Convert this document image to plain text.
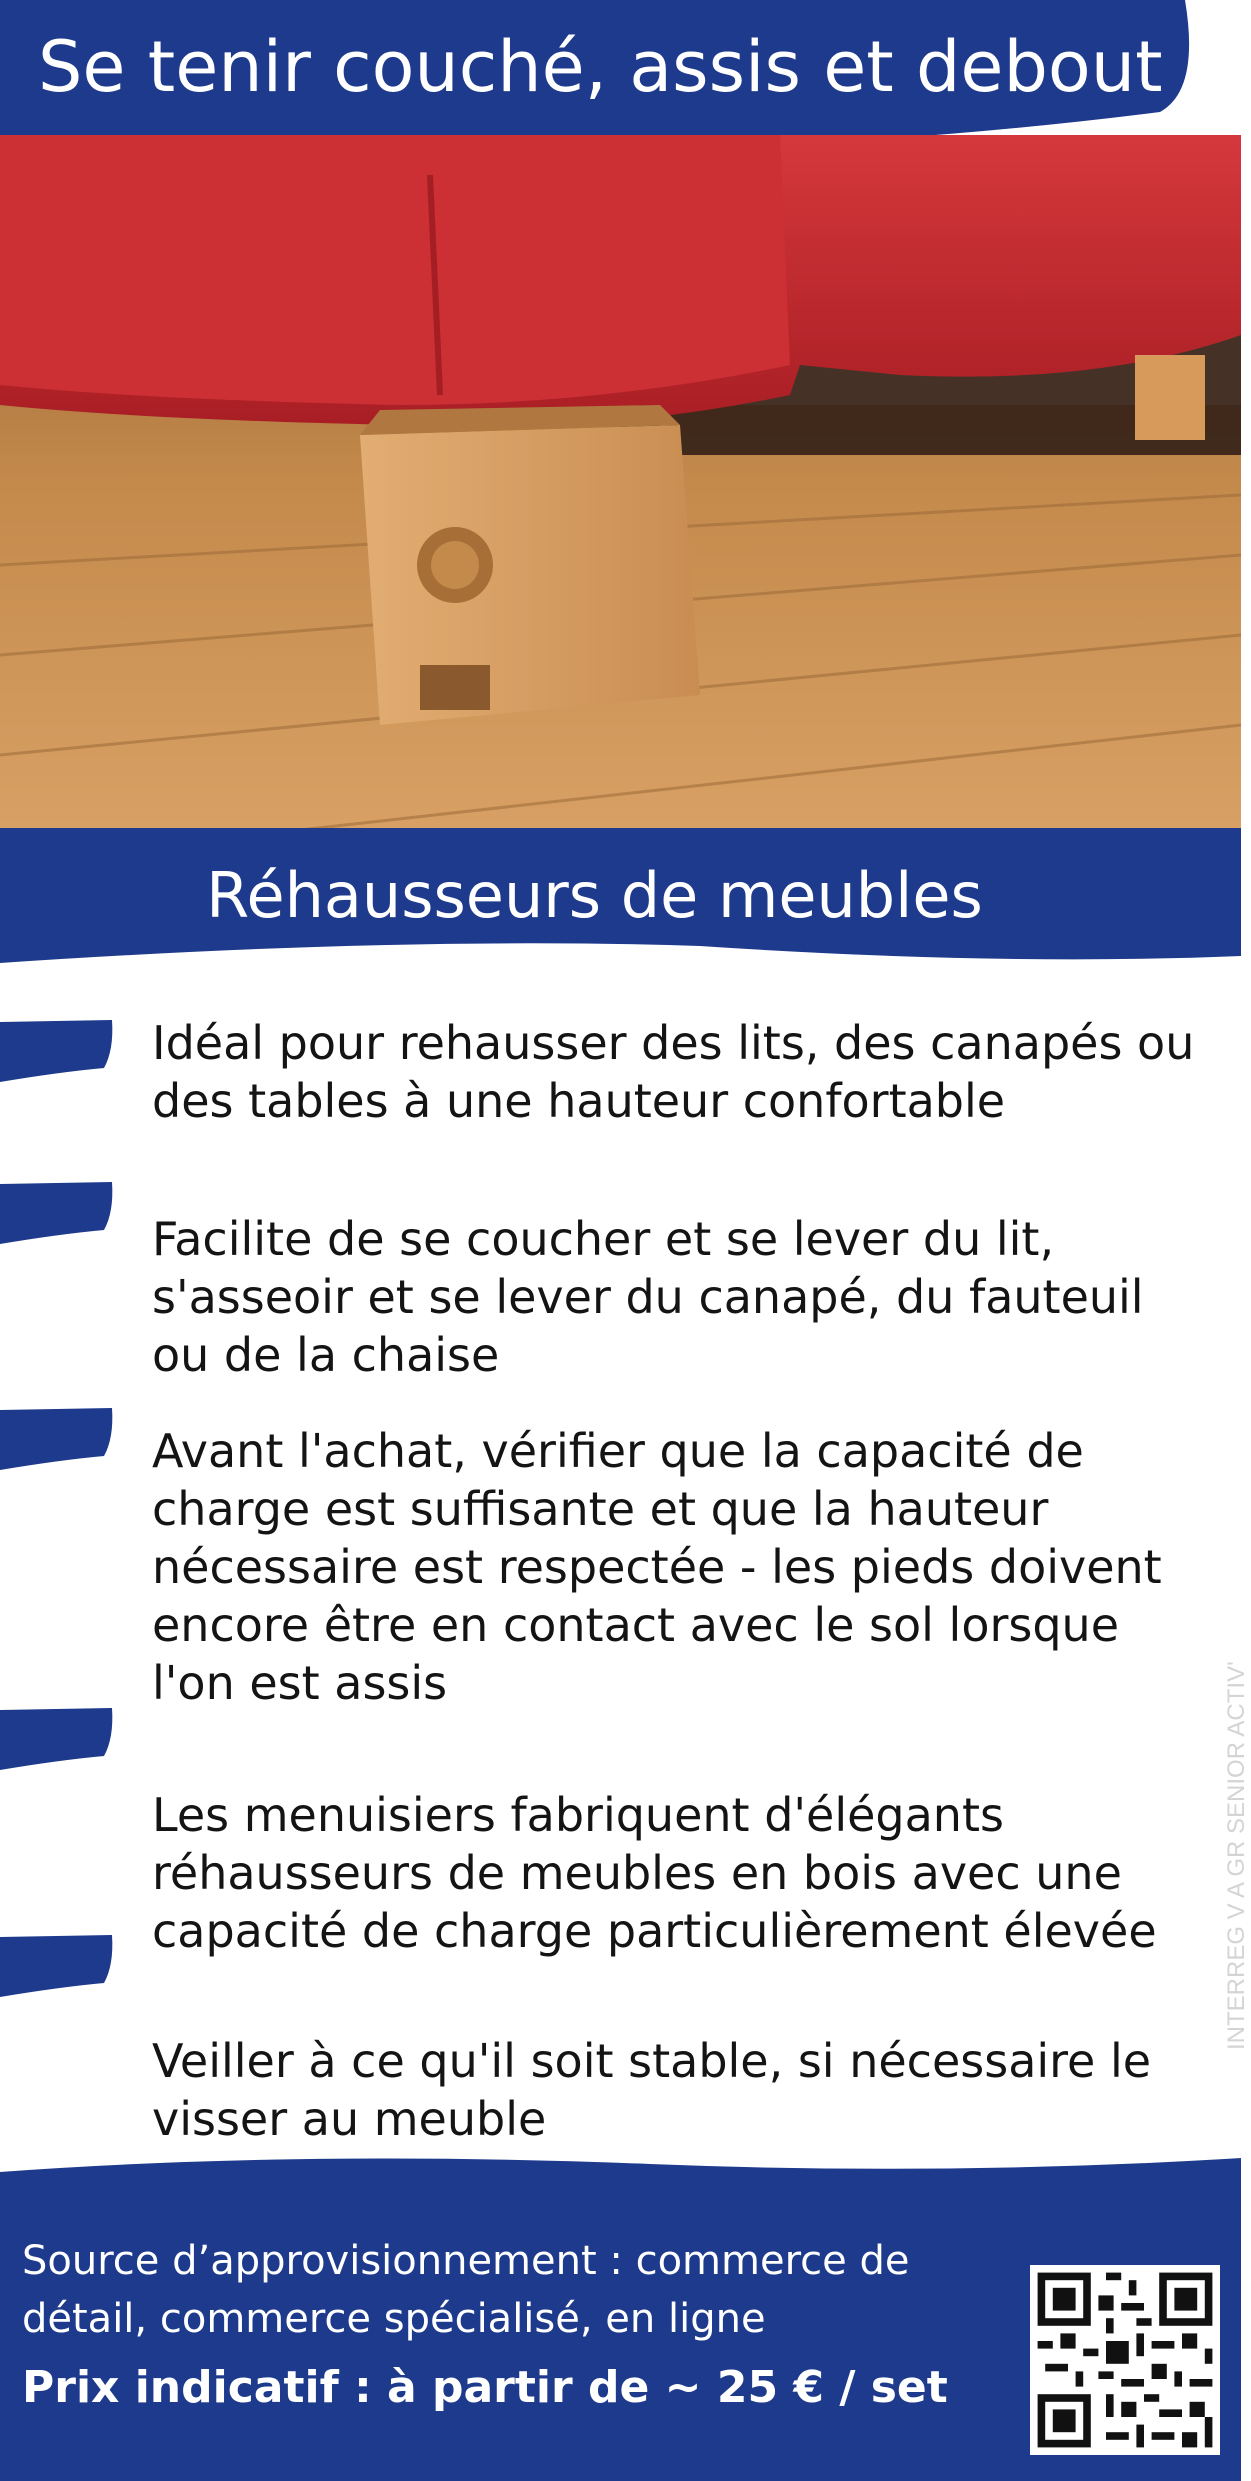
Se tenir couché, assis et debout
Réhausseurs de meubles
Idéal pour rehausser des lits, des canapés ou des tables à une hauteur confortable
Facilite de se coucher et se lever du lit, s'asseoir et se lever du canapé, du fauteuil ou de la chaise
Avant l'achat, vérifier que la capacité de charge est suffisante et que la hauteur nécessaire est respectée - les pieds doivent encore être en contact avec le sol lorsque l'on est assis
Les menuisiers fabriquent d'élégants réhausseurs de meubles en bois avec une capacité de charge particulièrement élevée
Veiller à ce qu'il soit stable, si nécessaire le visser au meuble
INTERREG V A GR SENIOR ACTIV'
Source d’approvisionnement : commerce de détail, commerce spécialisé, en ligne
Prix indicatif : à partir de ~ 25 € / set
